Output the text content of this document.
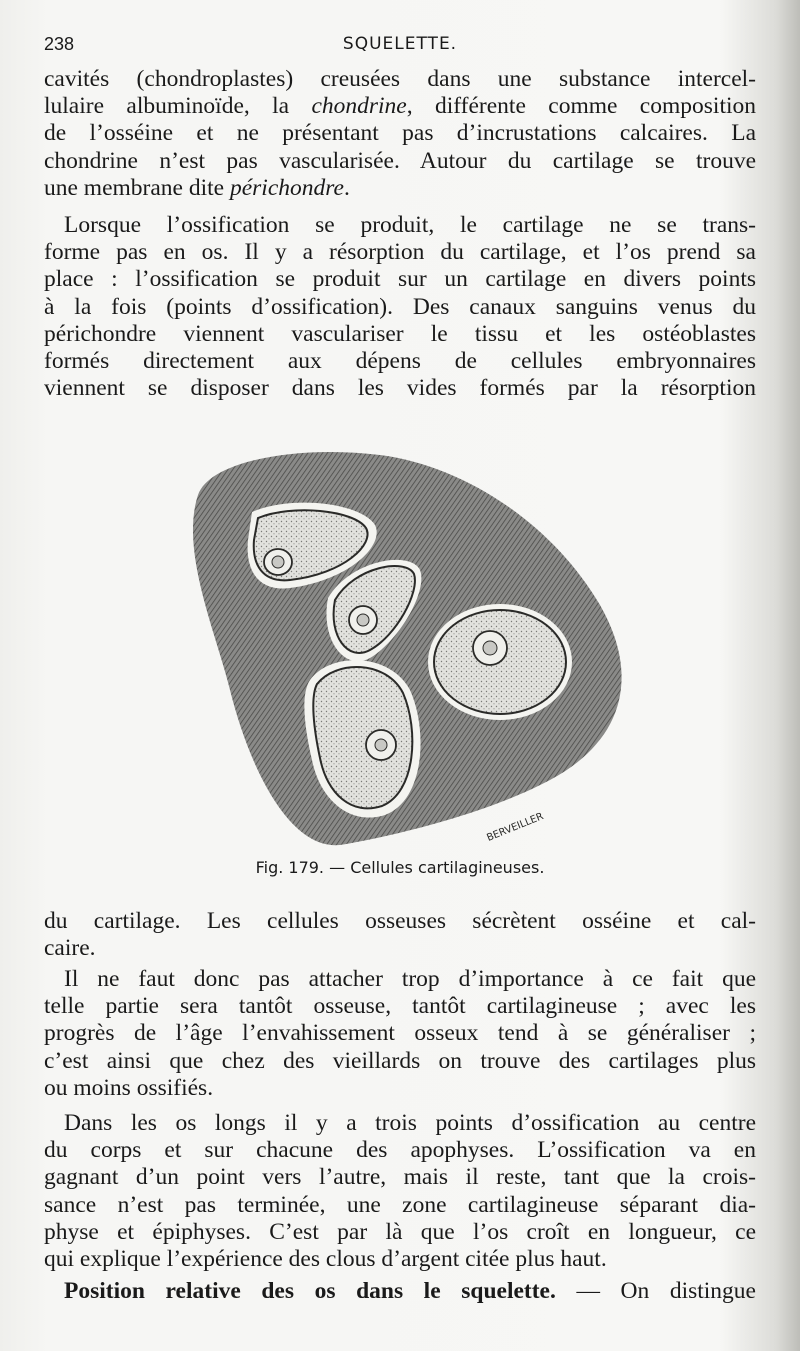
238	SQUELETTE.
cavités (chondroplastes) creusées dans une substance intercel-
lulaire albuminoïde, la chondrine, différente comme composition
de l’osséine et ne présentant pas d’incrustations calcaires. La
chondrine n’est pas vascularisée. Autour du cartilage se trouve
une membrane dite périchondre.
Lorsque l’ossification se produit, le cartilage ne se trans-
forme pas en os. Il y a résorption du cartilage, et l’os prend sa
place : l’ossification se produit sur un cartilage en divers points
à la fois (points d’ossification). Des canaux sanguins venus du
périchondre viennent vasculariser le tissu et les ostéoblastes
formés directement aux dépens de cellules embryonnaires
viennent se disposer dans les vides formés par la résorption
BERVEILLER
Fig. 179. — Cellules cartilagineuses.
du cartilage. Les cellules osseuses sécrètent osséine et cal-
caire.
Il ne faut donc pas attacher trop d’importance à ce fait que
telle partie sera tantôt osseuse, tantôt cartilagineuse ; avec les
progrès de l’âge l’envahissement osseux tend à se généraliser ;
c’est ainsi que chez des vieillards on trouve des cartilages plus
ou moins ossifiés.
Dans les os longs il y a trois points d’ossification au centre
du corps et sur chacune des apophyses. L’ossification va en
gagnant d’un point vers l’autre, mais il reste, tant que la crois-
sance n’est pas terminée, une zone cartilagineuse séparant dia-
physe et épiphyses. C’est par là que l’os croît en longueur, ce
qui explique l’expérience des clous d’argent citée plus haut.
Position relative des os dans le squelette. — On distingue
